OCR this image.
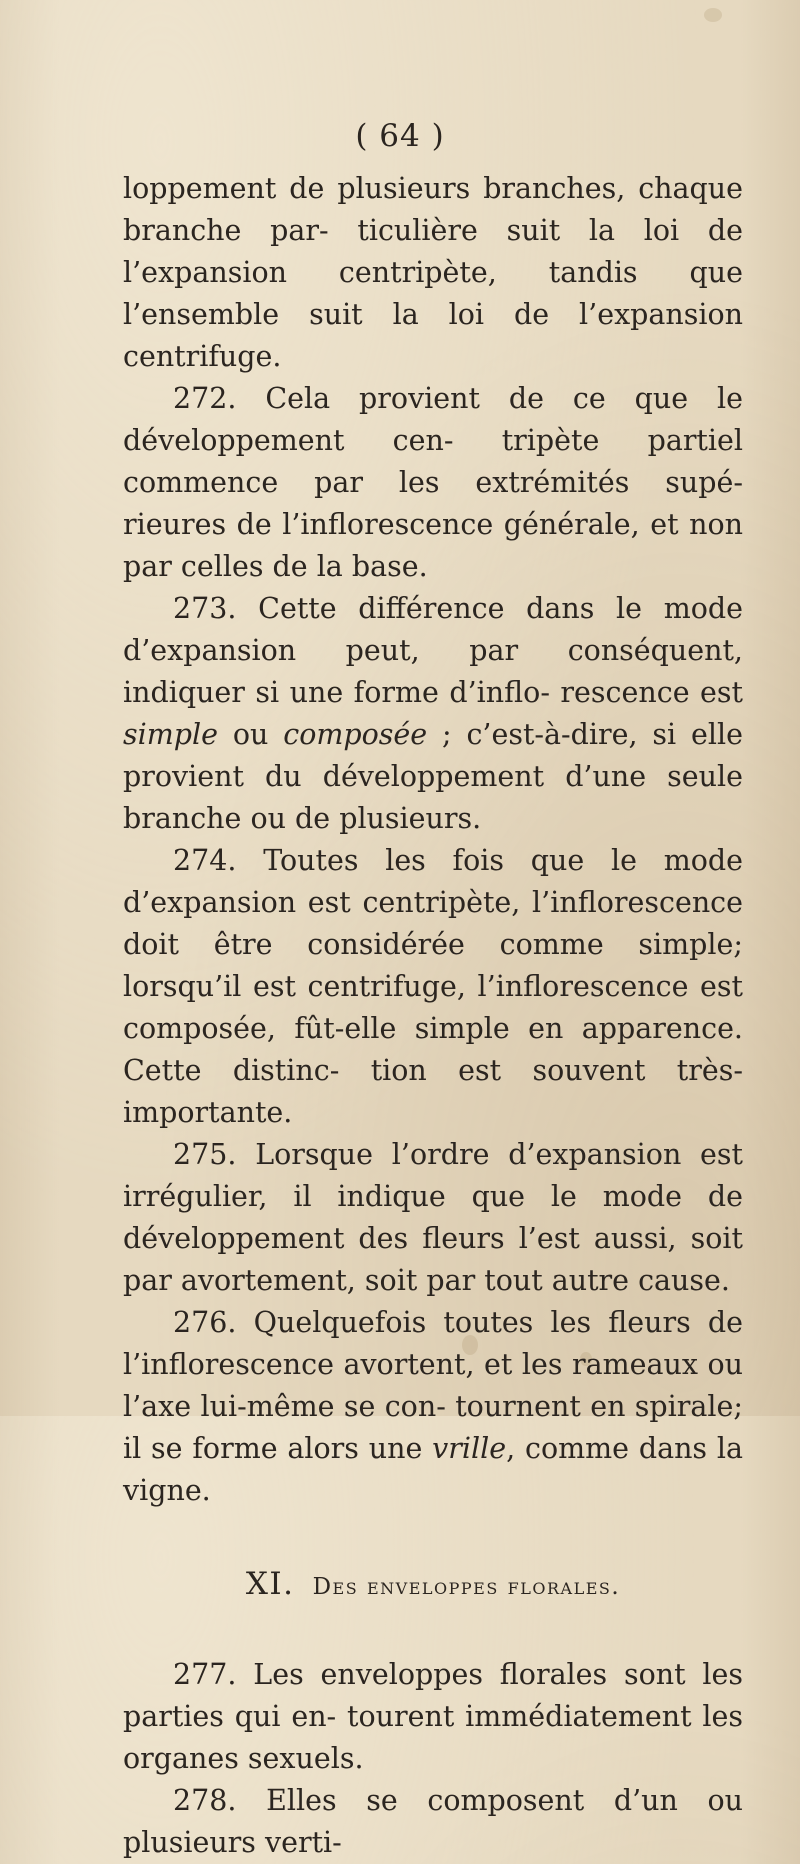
( 64 )

loppement de plusieurs branches, chaque branche par- ticulière suit la loi de l’expansion centripète, tandis que l’ensemble suit la loi de l’expansion centrifuge.

272. Cela provient de ce que le développement cen- tripète partiel commence par les extrémités supé- rieures de l’inflorescence générale, et non par celles de la base.

273. Cette différence dans le mode d’expansion peut, par conséquent, indiquer si une forme d’inflo- rescence est simple ou composée ; c’est-à-dire, si elle provient du développement d’une seule branche ou de plusieurs.

274. Toutes les fois que le mode d’expansion est centripète, l’inflorescence doit être considérée comme simple; lorsqu’il est centrifuge, l’inflorescence est composée, fût-elle simple en apparence. Cette distinc- tion est souvent très-importante.

275. Lorsque l’ordre d’expansion est irrégulier, il indique que le mode de développement des fleurs l’est aussi, soit par avortement, soit par tout autre cause.

276. Quelquefois toutes les fleurs de l’inflorescence avortent, et les rameaux ou l’axe lui-même se con- tournent en spirale; il se forme alors une vrille, comme dans la vigne.

XI. Des enveloppes florales.

277. Les enveloppes florales sont les parties qui en- tourent immédiatement les organes sexuels.

278. Elles se composent d’un ou plusieurs verti-
